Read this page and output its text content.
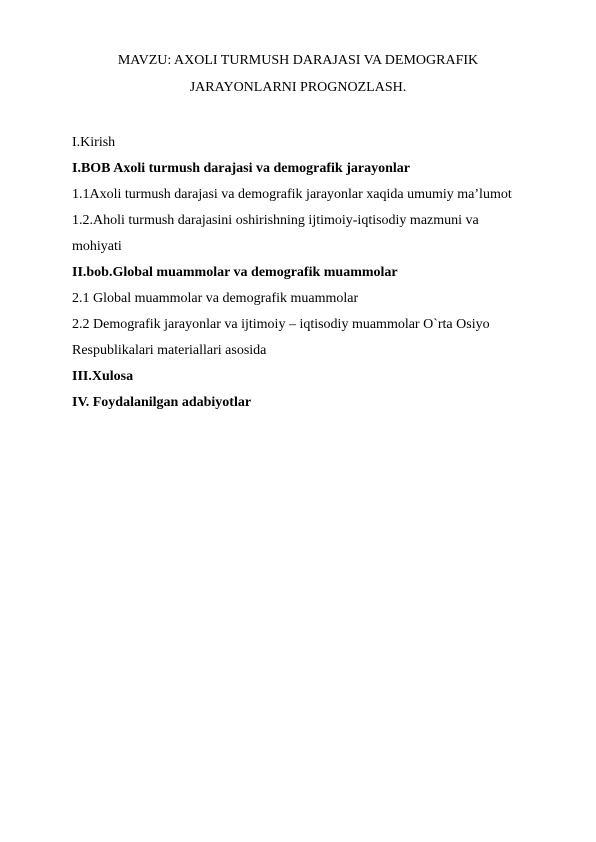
MAVZU: AXOLI TURMUSH DARAJASI VA DEMOGRAFIK
JARAYONLARNI PROGNOZLASH.
I.Kirish
I.BOB Axoli turmush darajasi va demografik jarayonlar
1.1Axoli turmush darajasi va demografik jarayonlar xaqida umumiy ma’lumot
1.2.Aholi turmush darajasini oshirishning ijtimoiy-iqtisodiy mazmuni va
mohiyati
II.bob.Global muammolar va demografik muammolar
2.1 Global muammolar va demografik muammolar
2.2 Demografik jarayonlar va ijtimoiy – iqtisodiy muammolar O`rta Osiyo
Respublikalari materiallari asosida
III.Xulosa
IV. Foydalanilgan adabiyotlar
